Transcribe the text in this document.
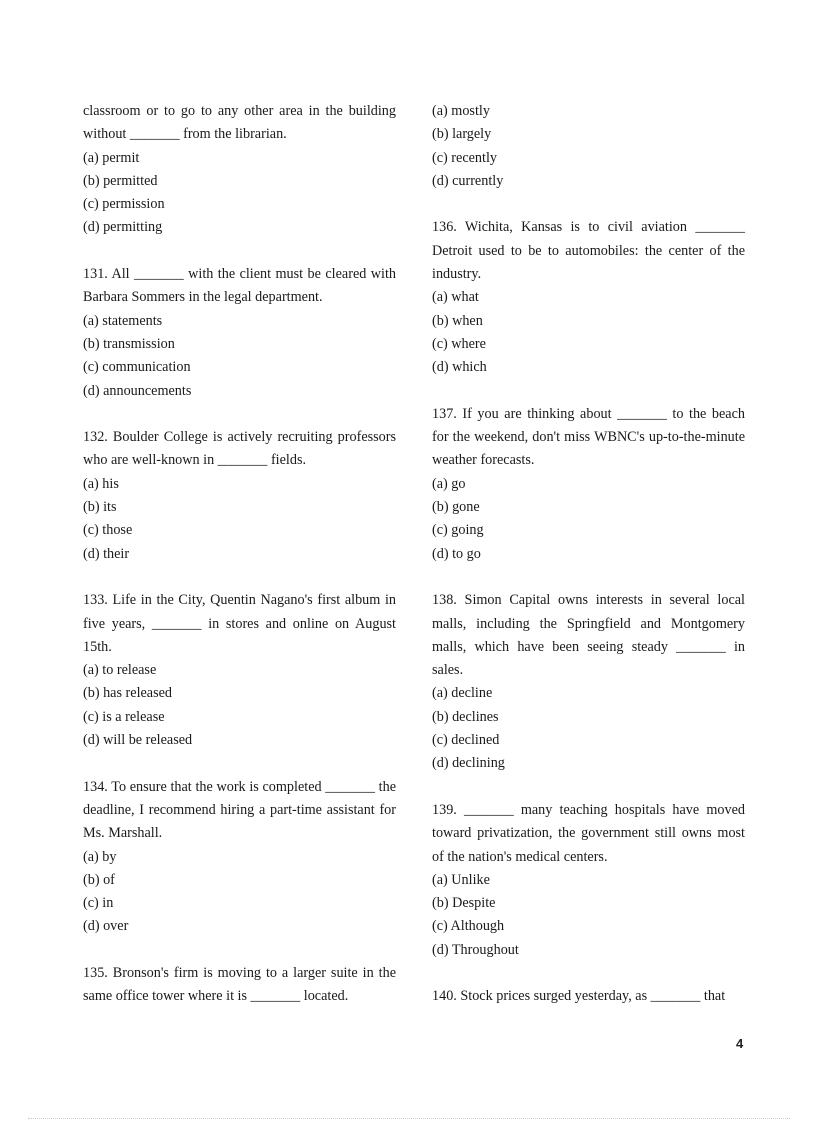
classroom or to go to any other area in the building without _______ from the librarian.
(a) permit
(b) permitted
(c) permission
(d) permitting
131. All _______ with the client must be cleared with Barbara Sommers in the legal department.
(a) statements
(b) transmission
(c) communication
(d) announcements
132. Boulder College is actively recruiting professors who are well-known in _______ fields.
(a) his
(b) its
(c) those
(d) their
133. Life in the City, Quentin Nagano's first album in five years, _______ in stores and online on August 15th.
(a) to release
(b) has released
(c) is a release
(d) will be released
134. To ensure that the work is completed _______ the deadline, I recommend hiring a part-time assistant for Ms. Marshall.
(a) by
(b) of
(c) in
(d) over
135. Bronson's firm is moving to a larger suite in the same office tower where it is _______ located.
(a) mostly
(b) largely
(c) recently
(d) currently
136. Wichita, Kansas is to civil aviation _______ Detroit used to be to automobiles: the center of the industry.
(a) what
(b) when
(c) where
(d) which
137. If you are thinking about _______ to the beach for the weekend, don't miss WBNC's up-to-the-minute weather forecasts.
(a) go
(b) gone
(c) going
(d) to go
138. Simon Capital owns interests in several local malls, including the Springfield and Montgomery malls, which have been seeing steady _______ in sales.
(a) decline
(b) declines
(c) declined
(d) declining
139. _______ many teaching hospitals have moved toward privatization, the government still owns most of the nation's medical centers.
(a) Unlike
(b) Despite
(c) Although
(d) Throughout
140. Stock prices surged yesterday, as _______ that
4
